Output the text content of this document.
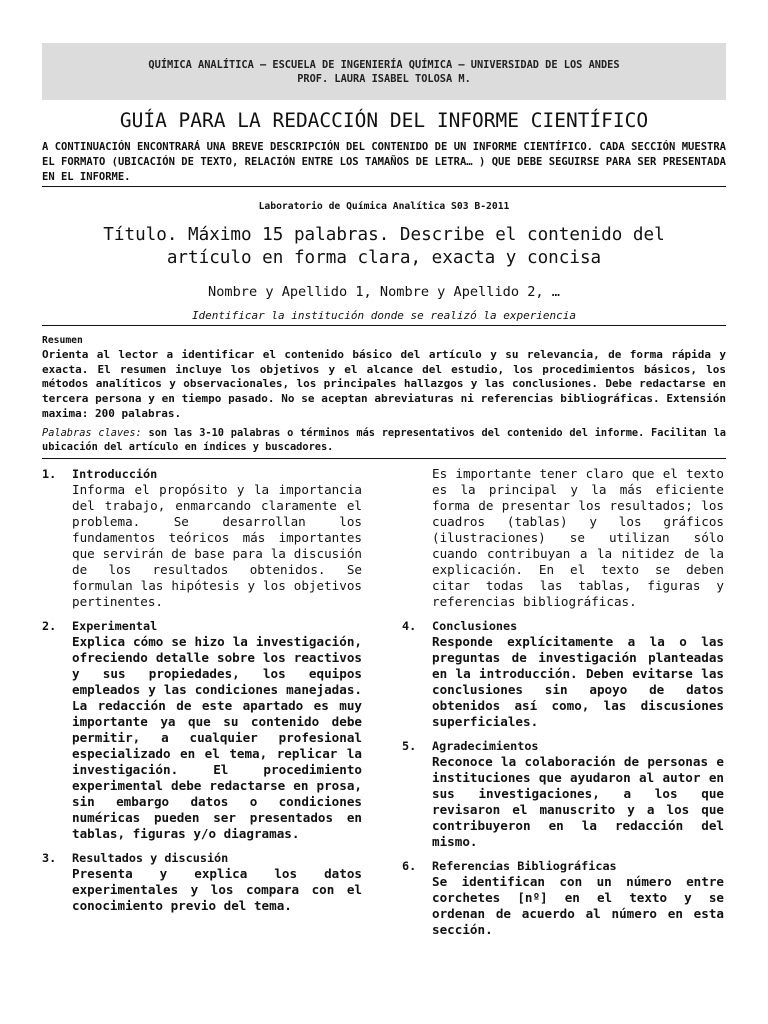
QUÍMICA ANALÍTICA – ESCUELA DE INGENIERÍA QUÍMICA – UNIVERSIDAD DE LOS ANDES
PROF. LAURA ISABEL TOLOSA M.
GUÍA PARA LA REDACCIÓN DEL INFORME CIENTÍFICO
A CONTINUACIÓN ENCONTRARÁ UNA BREVE DESCRIPCIÓN DEL CONTENIDO DE UN INFORME CIENTÍFICO. CADA SECCIÓN MUESTRA EL FORMATO (UBICACIÓN DE TEXTO, RELACIÓN ENTRE LOS TAMAÑOS DE LETRA… ) QUE DEBE SEGUIRSE PARA SER PRESENTADA EN EL INFORME.
Laboratorio de Química Analítica S03 B-2011
Título. Máximo 15 palabras. Describe el contenido del
artículo en forma clara, exacta y concisa
Nombre y Apellido 1, Nombre y Apellido 2, …
Identificar la institución donde se realizó la experiencia

Resumen

Orienta al lector a identificar el contenido básico del artículo y su relevancia, de forma rápida y exacta. El resumen incluye los objetivos y el alcance del estudio, los procedimientos básicos, los métodos analíticos y observacionales, los principales hallazgos y las conclusiones. Debe redactarse en tercera persona y en tiempo pasado. No se aceptan abreviaturas ni referencias bibliográficas. Extensión maxima: 200 palabras.

Palabras claves: son las 3-10 palabras o términos más representativos del contenido del informe. Facilitan la ubicación del artículo en índices y buscadores.
1. Introducción
Informa el propósito y la importancia del trabajo, enmarcando claramente el problema. Se desarrollan los fundamentos teóricos más importantes que servirán de base para la discusión de los resultados obtenidos. Se formulan las hipótesis y los objetivos pertinentes.
2. Experimental
Explica cómo se hizo la investigación, ofreciendo detalle sobre los reactivos y sus propiedades, los equipos empleados y las condiciones manejadas. La redacción de este apartado es muy importante ya que su contenido debe permitir, a cualquier profesional especializado en el tema, replicar la investigación. El procedimiento experimental debe redactarse en prosa, sin embargo datos o condiciones numéricas pueden ser presentados en tablas, figuras y/o diagramas.
3. Resultados y discusión
Presenta y explica los datos experimentales y los compara con el conocimiento previo del tema.
Es importante tener claro que el texto es la principal y la más eficiente forma de presentar los resultados; los cuadros (tablas) y los gráficos (ilustraciones) se utilizan sólo cuando contribuyan a la nitidez de la explicación. En el texto se deben citar todas las tablas, figuras y referencias bibliográficas.
4. Conclusiones
Responde explícitamente a la o las preguntas de investigación planteadas en la introducción. Deben evitarse las conclusiones sin apoyo de datos obtenidos así como, las discusiones superficiales.
5. Agradecimientos
Reconoce la colaboración de personas e instituciones que ayudaron al autor en sus investigaciones, a los que revisaron el manuscrito y a los que contribuyeron en la redacción del mismo.
6. Referencias Bibliográficas
Se identifican con un número entre corchetes [nº] en el texto y se ordenan de acuerdo al número en esta sección.
